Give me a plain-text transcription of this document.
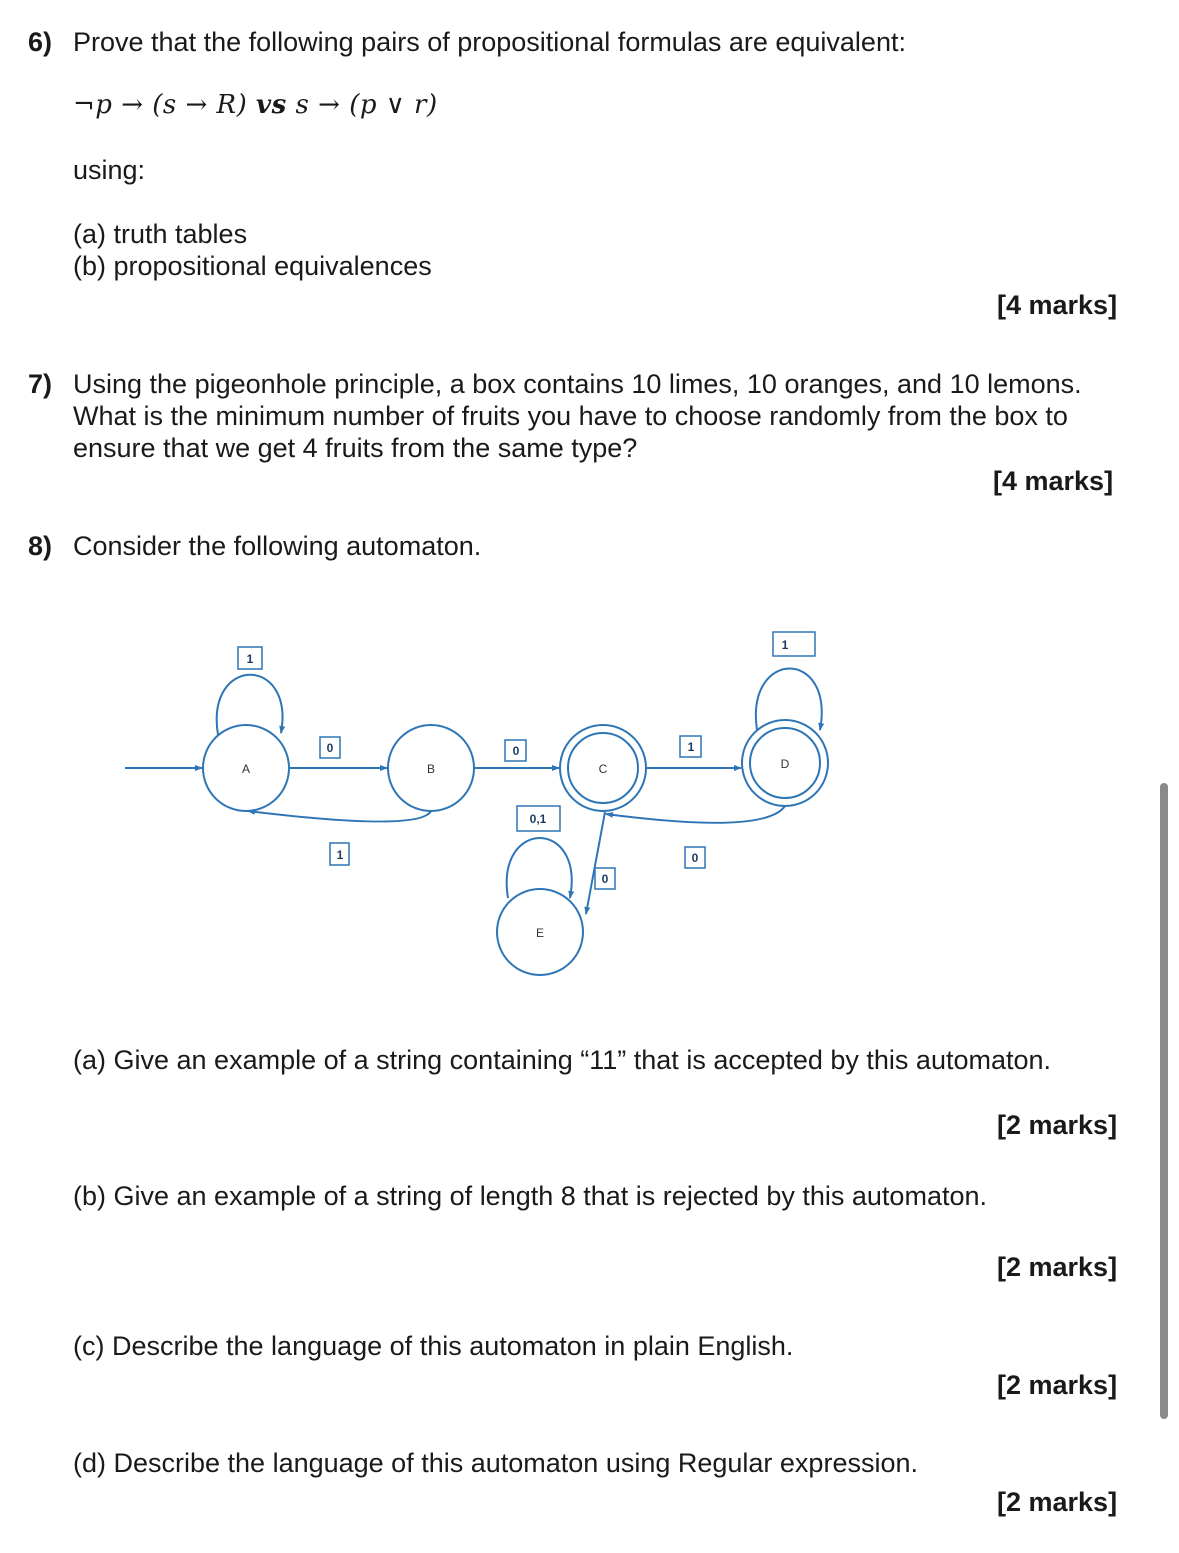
6) Prove that the following pairs of propositional formulas are equivalent:
¬p → (s → R) vs s → (p ∨ r)
using:
(a) truth tables
(b) propositional equivalences
[4 marks]
7) Using the pigeonhole principle, a box contains 10 limes, 10 oranges, and 10 lemons.
What is the minimum number of fruits you have to choose randomly from the box to
ensure that we get 4 fruits from the same type?
[4 marks]
8) Consider the following automaton.
1
0
1
0	1
1
0
0
0,1
A	B	C	D
E
(a) Give an example of a string containing “11” that is accepted by this automaton.
[2 marks]
(b) Give an example of a string of length 8 that is rejected by this automaton.
[2 marks]
(c) Describe the language of this automaton in plain English.
[2 marks]
(d) Describe the language of this automaton using Regular expression.
[2 marks]
